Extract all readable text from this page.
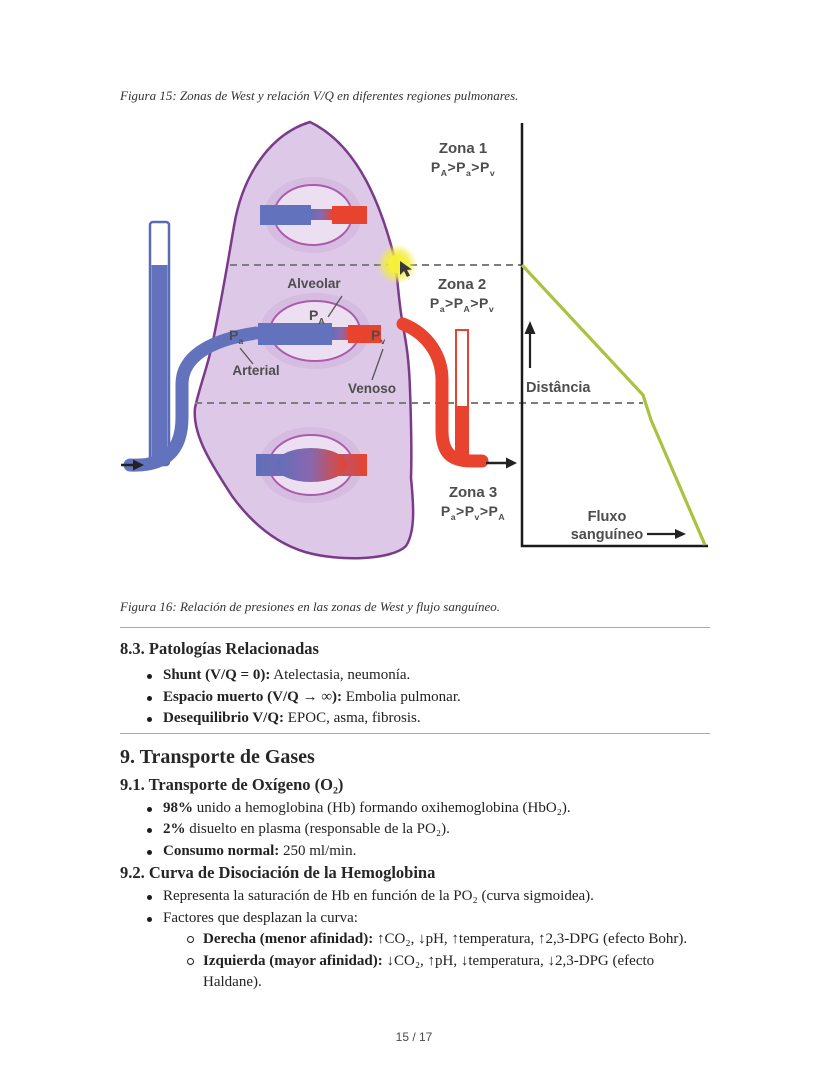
Figura 15: Zonas de West y relación V/Q en diferentes regiones pulmonares.
Zona 1
$P_A>P_a>P_v$
Zona 2
$P_a>P_A>P_v$
Zona 3
$P_a>P_v>P_A$
Alveolar
$P_A$
$P_a$	$P_v$
Arterial
Venoso	Distância
Fluxo
sanguíneo
Figura 16: Relación de presiones en las zonas de West y flujo sanguíneo.
8.3. Patologías Relacionadas
Shunt (V/Q = 0): Atelectasia, neumonía.
Espacio muerto (V/Q → ∞): Embolia pulmonar.
Desequilibrio V/Q: EPOC, asma, fibrosis.
9. Transporte de Gases
9.1. Transporte de Oxígeno (O₂)
98% unido a hemoglobina (Hb) formando oxihemoglobina (HbO₂).
2% disuelto en plasma (responsable de la PO₂).
Consumo normal: 250 ml/min.
9.2. Curva de Disociación de la Hemoglobina
Representa la saturación de Hb en función de la PO₂ (curva sigmoidea).
Factores que desplazan la curva:
Derecha (menor afinidad): ↑CO₂, ↓pH, ↑temperatura, ↑2,3-DPG (efecto Bohr).
Izquierda (mayor afinidad): ↓CO₂, ↑pH, ↓temperatura, ↓2,3-DPG (efecto Haldane).
15 / 17
